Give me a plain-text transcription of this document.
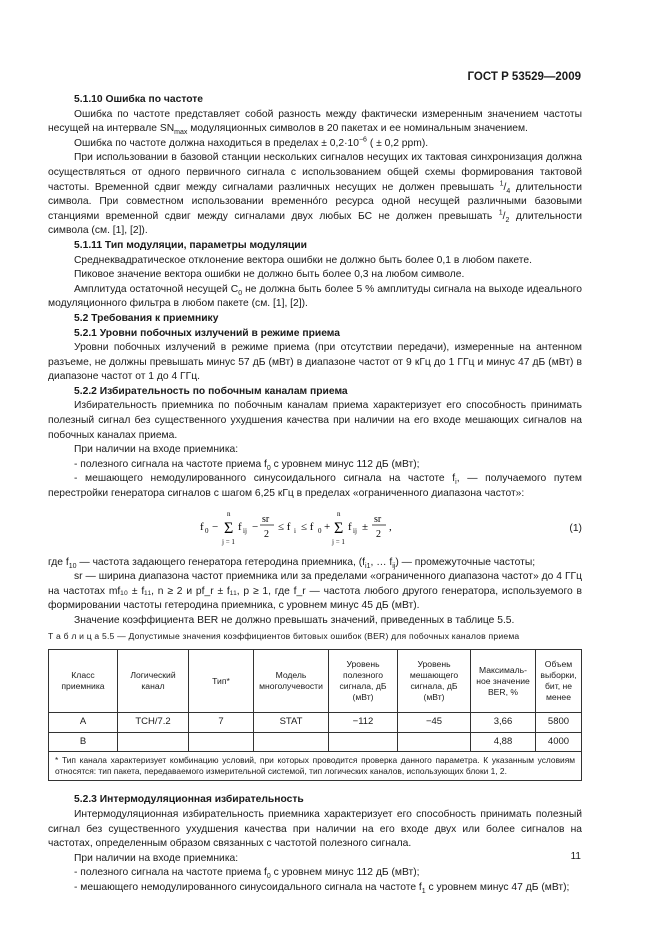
ГОСТ Р 53529—2009

5.1.10 Ошибка по частоте

Ошибка по частоте представляет собой разность между фактически измеренным значением частоты несущей на интервале $SN_{max}$ модуляционных символов в 20 пакетах и ее номинальным значением.

Ошибка по частоте должна находиться в пределах ± $0,2\cdot 10^{-6}$ ( ± 0,2 ppm).

При использовании в базовой станции нескольких сигналов несущих их тактовая синхронизация должна осуществляться от одного первичного сигнала с использованием общей схемы формирования тактовой частоты. Временной сдвиг между сигналами различных несущих не должен превышать $^1/_4$ длительности символа. При совместном использовании временно́го ресурса одной несущей различными базовыми станциями временной сдвиг между сигналами двух любых БС не должен превышать $^1/_2$ длительности символа (см. [1], [2]).

5.1.11 Тип модуляции, параметры модуляции

Среднеквадратическое отклонение вектора ошибки не должно быть более 0,1 в любом пакете.

Пиковое значение вектора ошибки не должно быть более 0,3 на любом символе.

Амплитуда остаточной несущей $C_0$ не должна быть более 5 % амплитуды сигнала на выходе идеального модуляционного фильтра в любом пакете (см. [1], [2]).

5.2 Требования к приемнику

5.2.1 Уровни побочных излучений в режиме приема

Уровни побочных излучений в режиме приема (при отсутствии передачи), измеренные на антенном разъеме, не должны превышать минус 57 дБ (мВт) в диапазоне частот от 9 кГц до 1 ГГц и минус 47 дБ (мВт) в диапазоне частот от 1 до 4 ГГц.

5.2.2 Избирательность по побочным каналам приема

Избирательность приемника по побочным каналам приема характеризует его способность принимать полезный сигнал без существенного ухудшения качества при наличии на его входе мешающих сигналов на побочных каналах приема.

При наличии на входе приемника:

- полезного сигнала на частоте приема $f_0$ с уровнем минус 112 дБ (мВт);

- мешающего немодулированного синусоидального сигнала на частоте $f_i$, — получаемого путем перестройки генератора сигналов с шагом 6,25 кГц в пределах «ограниченного диапазона частот»:

f 0 − Σ
n
j = 1
f ij −
sr
2
≤ f i ≤ f 0 + Σ
n
j = 1
f ij ±
sr
2
,	(1)

где $f_{10}$ — частота задающего генератора гетеродина приемника, ($f_{i1}$, … $f_{ij}$) — промежуточные частоты;

sr — ширина диапазона частот приемника или за пределами «ограниченного диапазона частот» до 4 ГГц на частотах mf₁₀ ± f₁₁, n ≥ 2 и pf_r ± f₁₁, p ≥ 1, где f_r — частота любого другого генератора, используемого в формировании частоты гетеродина приемника, с уровнем минус 45 дБ (мВт).

Значение коэффициента BER не должно превышать значений, приведенных в таблице 5.5.

Т а б л и ц а 5.5 — Допустимые значения коэффициентов битовых ошибок (BER) для побочных каналов приема

Класс приемника	Логический канал	Тип*	Модель многолучевости	Уровень полезного сигнала, дБ (мВт)	Уровень мешающего сигнала, дБ (мВт)	Максималь-ное значение BER, %	Объем выборки, бит, не менее
A	TCH/7.2	7	STAT	−112	−45	3,66	5800
B						4,88	4000
* Тип канала характеризует комбинацию условий, при которых проводится проверка данного параметра. К указанным условиям относятся: тип пакета, передаваемого измерительной системой, тип логических каналов, использующих блоки 1, 2.							

5.2.3 Интермодуляционная избирательность

Интермодуляционная избирательность приемника характеризует его способность принимать полезный сигнал без существенного ухудшения качества при наличии на его входе двух или более сигналов на частотах, определенным образом связанных с частотой полезного сигнала.

При наличии на входе приемника:

- полезного сигнала на частоте приема $f_0$ с уровнем минус 112 дБ (мВт);

- мешающего немодулированного синусоидального сигнала на частоте $f_1$ с уровнем минус 47 дБ (мВт);

11
